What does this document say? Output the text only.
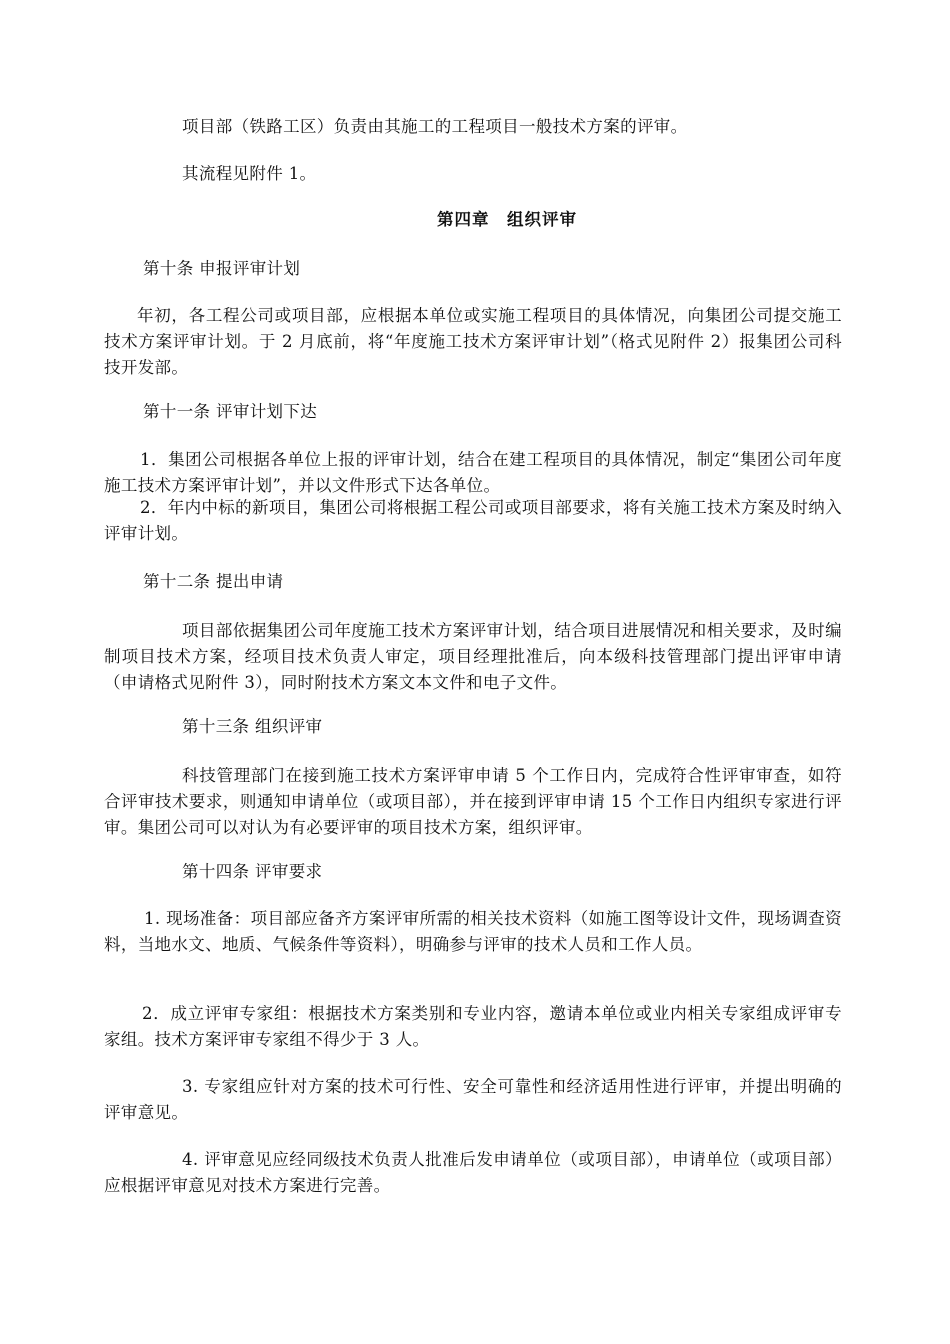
项目部（铁路工区）负责由其施工的工程项目一般技术方案的评审。

其流程见附件 1。

第四章　组织评审

第十条 申报评审计划

年初，各工程公司或项目部，应根据本单位或实施工程项目的具体情况，向集团公司提交施工技术方案评审计划。于 2 月底前，将“年度施工技术方案评审计划”（格式见附件 2）报集团公司科技开发部。

第十一条 评审计划下达

1．集团公司根据各单位上报的评审计划，结合在建工程项目的具体情况，制定“集团公司年度施工技术方案评审计划”，并以文件形式下达各单位。

2．年内中标的新项目，集团公司将根据工程公司或项目部要求，将有关施工技术方案及时纳入评审计划。

第十二条 提出申请

项目部依据集团公司年度施工技术方案评审计划，结合项目进展情况和相关要求，及时编制项目技术方案，经项目技术负责人审定，项目经理批准后，向本级科技管理部门提出评审申请（申请格式见附件 3），同时附技术方案文本文件和电子文件。

第十三条 组织评审

科技管理部门在接到施工技术方案评审申请 5 个工作日内，完成符合性评审审查，如符合评审技术要求，则通知申请单位（或项目部），并在接到评审申请 15 个工作日内组织专家进行评审。集团公司可以对认为有必要评审的项目技术方案，组织评审。

第十四条 评审要求

1. 现场准备：项目部应备齐方案评审所需的相关技术资料（如施工图等设计文件，现场调查资料，当地水文、地质、气候条件等资料），明确参与评审的技术人员和工作人员。

2．成立评审专家组：根据技术方案类别和专业内容，邀请本单位或业内相关专家组成评审专家组。技术方案评审专家组不得少于 3 人。

3. 专家组应针对方案的技术可行性、安全可靠性和经济适用性进行评审，并提出明确的评审意见。

4. 评审意见应经同级技术负责人批准后发申请单位（或项目部），申请单位（或项目部）应根据评审意见对技术方案进行完善。
